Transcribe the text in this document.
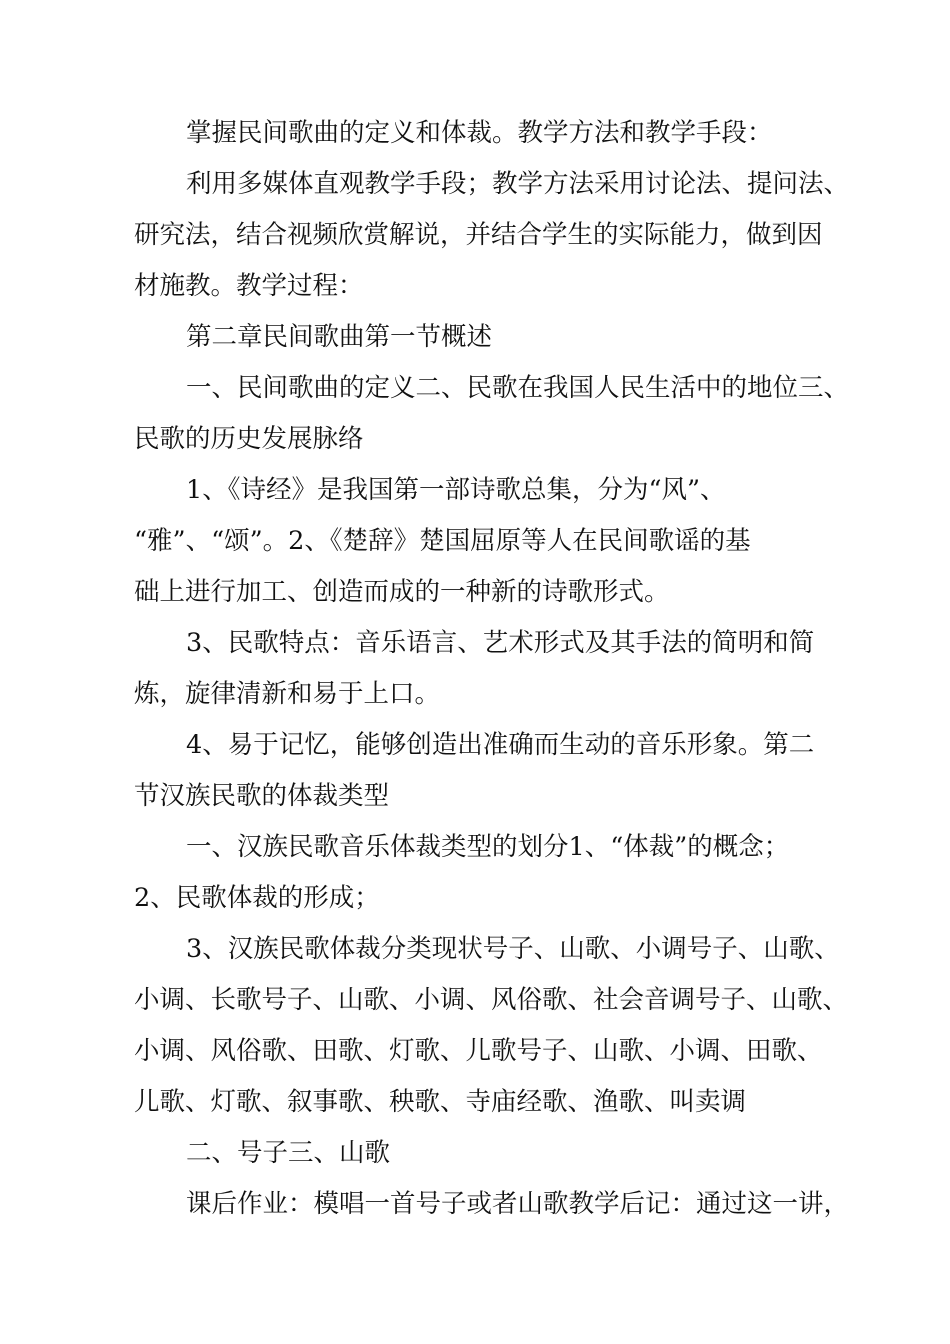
掌握民间歌曲的定义和体裁。教学方法和教学手段：
利用多媒体直观教学手段；教学方法采用讨论法、提问法、
研究法，结合视频欣赏解说，并结合学生的实际能力，做到因
材施教。教学过程：
第二章民间歌曲第一节概述
一、民间歌曲的定义二、民歌在我国人民生活中的地位三、
民歌的历史发展脉络
1、《诗经》是我国第一部诗歌总集，分为“风”、
“雅”、“颂”。2、《楚辞》楚国屈原等人在民间歌谣的基
础上进行加工、创造而成的一种新的诗歌形式。
3、民歌特点：音乐语言、艺术形式及其手法的简明和简
炼，旋律清新和易于上口。
4、易于记忆，能够创造出准确而生动的音乐形象。第二
节汉族民歌的体裁类型
一、汉族民歌音乐体裁类型的划分1、“体裁”的概念；
2、民歌体裁的形成；
3、汉族民歌体裁分类现状号子、山歌、小调号子、山歌、
小调、长歌号子、山歌、小调、风俗歌、社会音调号子、山歌、
小调、风俗歌、田歌、灯歌、儿歌号子、山歌、小调、田歌、
儿歌、灯歌、叙事歌、秧歌、寺庙经歌、渔歌、叫卖调
二、号子三、山歌
课后作业：模唱一首号子或者山歌教学后记：通过这一讲，
